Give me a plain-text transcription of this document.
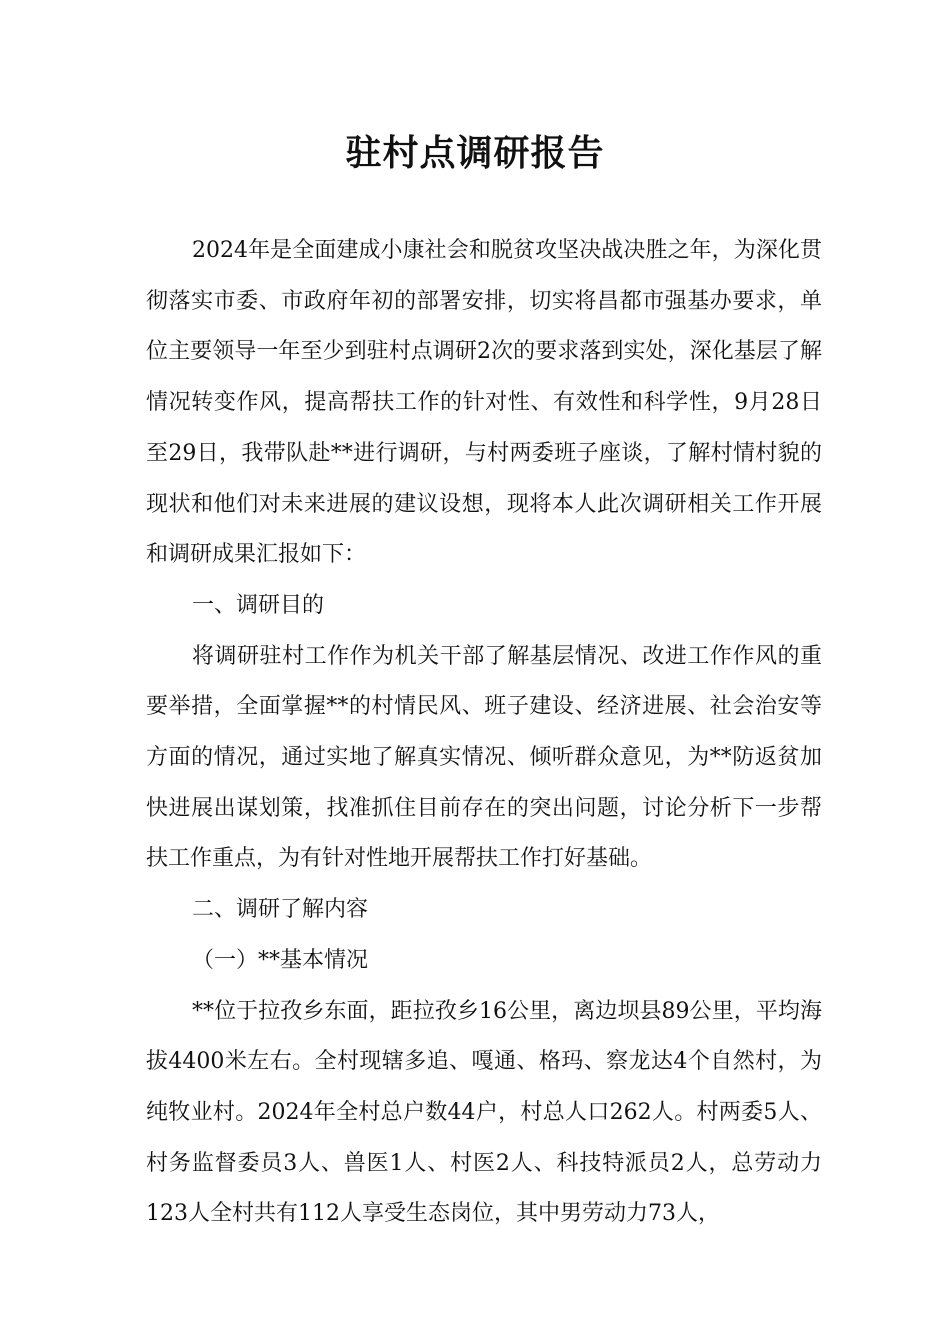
驻村点调研报告

2024年是全面建成小康社会和脱贫攻坚决战决胜之年，为深化贯彻落实市委、市政府年初的部署安排，切实将昌都市强基办要求，单位主要领导一年至少到驻村点调研2次的要求落到实处，深化基层了解情况转变作风，提高帮扶工作的针对性、有效性和科学性，9月28日至29日，我带队赴**进行调研，与村两委班子座谈，了解村情村貌的现状和他们对未来进展的建议设想，现将本人此次调研相关工作开展和调研成果汇报如下：

一、调研目的

将调研驻村工作作为机关干部了解基层情况、改进工作作风的重要举措，全面掌握**的村情民风、班子建设、经济进展、社会治安等方面的情况，通过实地了解真实情况、倾听群众意见，为**防返贫加快进展出谋划策，找准抓住目前存在的突出问题，讨论分析下一步帮扶工作重点，为有针对性地开展帮扶工作打好基础。

二、调研了解内容

（一）**基本情况

**位于拉孜乡东面，距拉孜乡16公里，离边坝县89公里，平均海拔4400米左右。全村现辖多追、嘎通、格玛、察龙达4个自然村，为纯牧业村。2024年全村总户数44户，村总人口262人。村两委5人、村务监督委员3人、兽医1人、村医2人、科技特派员2人，总劳动力123人全村共有112人享受生态岗位，其中男劳动力73人，
